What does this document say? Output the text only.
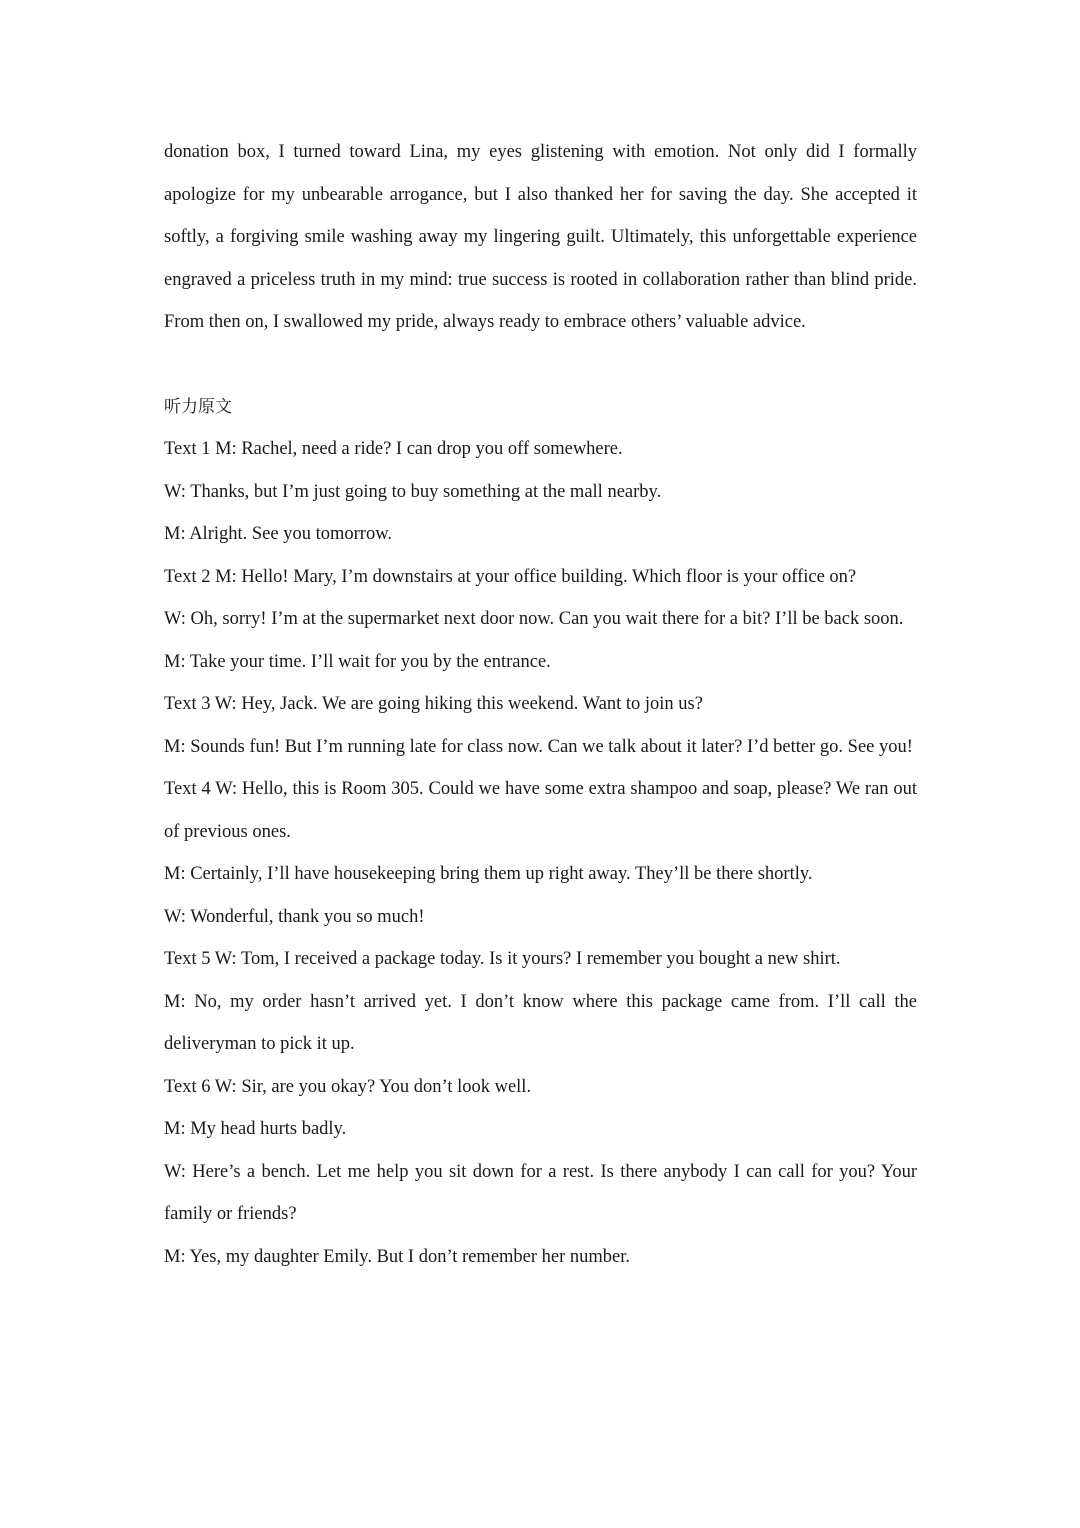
donation box, I turned toward Lina, my eyes glistening with emotion. Not only did I formally apologize for my unbearable arrogance, but I also thanked her for saving the day. She accepted it softly, a forgiving smile washing away my lingering guilt. Ultimately, this unforgettable experience engraved a priceless truth in my mind: true success is rooted in collaboration rather than blind pride. From then on, I swallowed my pride, always ready to embrace others’ valuable advice.

听力原文

Text 1 M: Rachel, need a ride? I can drop you off somewhere.

W: Thanks, but I’m just going to buy something at the mall nearby.

M: Alright. See you tomorrow.

Text 2 M: Hello! Mary, I’m downstairs at your office building. Which floor is your office on?

W: Oh, sorry! I’m at the supermarket next door now. Can you wait there for a bit? I’ll be back soon.

M: Take your time. I’ll wait for you by the entrance.

Text 3 W: Hey, Jack. We are going hiking this weekend. Want to join us?

M: Sounds fun! But I’m running late for class now. Can we talk about it later? I’d better go. See you!

Text 4 W: Hello, this is Room 305. Could we have some extra shampoo and soap, please? We ran out of previous ones.

M: Certainly, I’ll have housekeeping bring them up right away. They’ll be there shortly.

W: Wonderful, thank you so much!

Text 5 W: Tom, I received a package today. Is it yours? I remember you bought a new shirt.

M: No, my order hasn’t arrived yet. I don’t know where this package came from. I’ll call the deliveryman to pick it up.

Text 6 W: Sir, are you okay? You don’t look well.

M: My head hurts badly.

W: Here’s a bench. Let me help you sit down for a rest. Is there anybody I can call for you? Your family or friends?

M: Yes, my daughter Emily. But I don’t remember her number.
